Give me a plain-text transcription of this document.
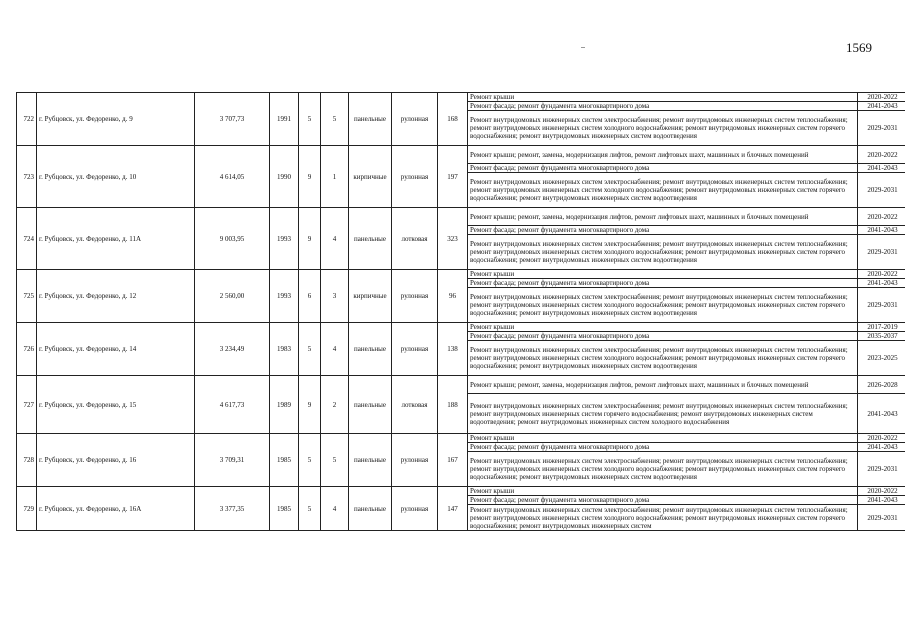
1569
722	г. Рубцовск, ул. Федоренко, д. 9	3 707,73	1991	5	5	панельные	рулонная	168	Ремонт крыши	2020-2022
									Ремонт фасада; ремонт фундамента многоквартирного дома	2041-2043
									Ремонт внутридомовых инженерных систем электроснабжения; ремонт внутридомовых инженерных систем теплоснабжения; ремонт внутридомовых инженерных систем холодного водоснабжения; ремонт внутридомовых инженерных систем горячего водоснабжения; ремонт внутридомовых инженерных систем водоотведения	2029-2031
723	г. Рубцовск, ул. Федоренко, д. 10	4 614,05	1990	9	1	кирпичные	рулонная	197	Ремонт крыши; ремонт, замена, модернизация лифтов, ремонт лифтовых шахт, машинных и блочных помещений	2020-2022
									Ремонт фасада; ремонт фундамента многоквартирного дома	2041-2043
									Ремонт внутридомовых инженерных систем электроснабжения; ремонт внутридомовых инженерных систем теплоснабжения; ремонт внутридомовых инженерных систем холодного водоснабжения; ремонт внутридомовых инженерных систем горячего водоснабжения; ремонт внутридомовых инженерных систем водоотведения	2029-2031
724	г. Рубцовск, ул. Федоренко, д. 11А	9 003,95	1993	9	4	панельные	лотковая	323	Ремонт крыши; ремонт, замена, модернизация лифтов, ремонт лифтовых шахт, машинных и блочных помещений	2020-2022
									Ремонт фасада; ремонт фундамента многоквартирного дома	2041-2043
									Ремонт внутридомовых инженерных систем электроснабжения; ремонт внутридомовых инженерных систем теплоснабжения; ремонт внутридомовых инженерных систем холодного водоснабжения; ремонт внутридомовых инженерных систем горячего водоснабжения; ремонт внутридомовых инженерных систем водоотведения	2029-2031
725	г. Рубцовск, ул. Федоренко, д. 12	2 560,00	1993	6	3	кирпичные	рулонная	96	Ремонт крыши	2020-2022
									Ремонт фасада; ремонт фундамента многоквартирного дома	2041-2043
									Ремонт внутридомовых инженерных систем электроснабжения; ремонт внутридомовых инженерных систем теплоснабжения; ремонт внутридомовых инженерных систем холодного водоснабжения; ремонт внутридомовых инженерных систем горячего водоснабжения; ремонт внутридомовых инженерных систем водоотведения	2029-2031
726	г. Рубцовск, ул. Федоренко, д. 14	3 234,49	1983	5	4	панельные	рулонная	138	Ремонт крыши	2017-2019
									Ремонт фасада; ремонт фундамента многоквартирного дома	2035-2037
									Ремонт внутридомовых инженерных систем электроснабжения; ремонт внутридомовых инженерных систем теплоснабжения; ремонт внутридомовых инженерных систем холодного водоснабжения; ремонт внутридомовых инженерных систем горячего водоснабжения; ремонт внутридомовых инженерных систем водоотведения	2023-2025
727	г. Рубцовск, ул. Федоренко, д. 15	4 617,73	1989	9	2	панельные	лотковая	188	Ремонт крыши; ремонт, замена, модернизация лифтов, ремонт лифтовых шахт, машинных и блочных помещений	2026-2028
									Ремонт внутридомовых инженерных систем электроснабжения; ремонт внутридомовых инженерных систем теплоснабжения; ремонт внутридомовых инженерных систем горячего водоснабжения; ремонт внутридомовых инженерных систем водоотведения; ремонт внутридомовых инженерных систем холодного водоснабжения	2041-2043
728	г. Рубцовск, ул. Федоренко, д. 16	3 709,31	1985	5	5	панельные	рулонная	167	Ремонт крыши	2020-2022
									Ремонт фасада; ремонт фундамента многоквартирного дома	2041-2043
									Ремонт внутридомовых инженерных систем электроснабжения; ремонт внутридомовых инженерных систем теплоснабжения; ремонт внутридомовых инженерных систем холодного водоснабжения; ремонт внутридомовых инженерных систем горячего водоснабжения; ремонт внутридомовых инженерных систем водоотведения	2029-2031
729	г. Рубцовск, ул. Федоренко, д. 16А	3 377,35	1985	5	4	панельные	рулонная	147	Ремонт крыши	2020-2022
									Ремонт фасада; ремонт фундамента многоквартирного дома	2041-2043
									Ремонт внутридомовых инженерных систем электроснабжения; ремонт внутридомовых инженерных систем теплоснабжения; ремонт внутридомовых инженерных систем холодного водоснабжения; ремонт внутридомовых инженерных систем горячего водоснабжения; ремонт внутридомовых инженерных систем	2029-2031
